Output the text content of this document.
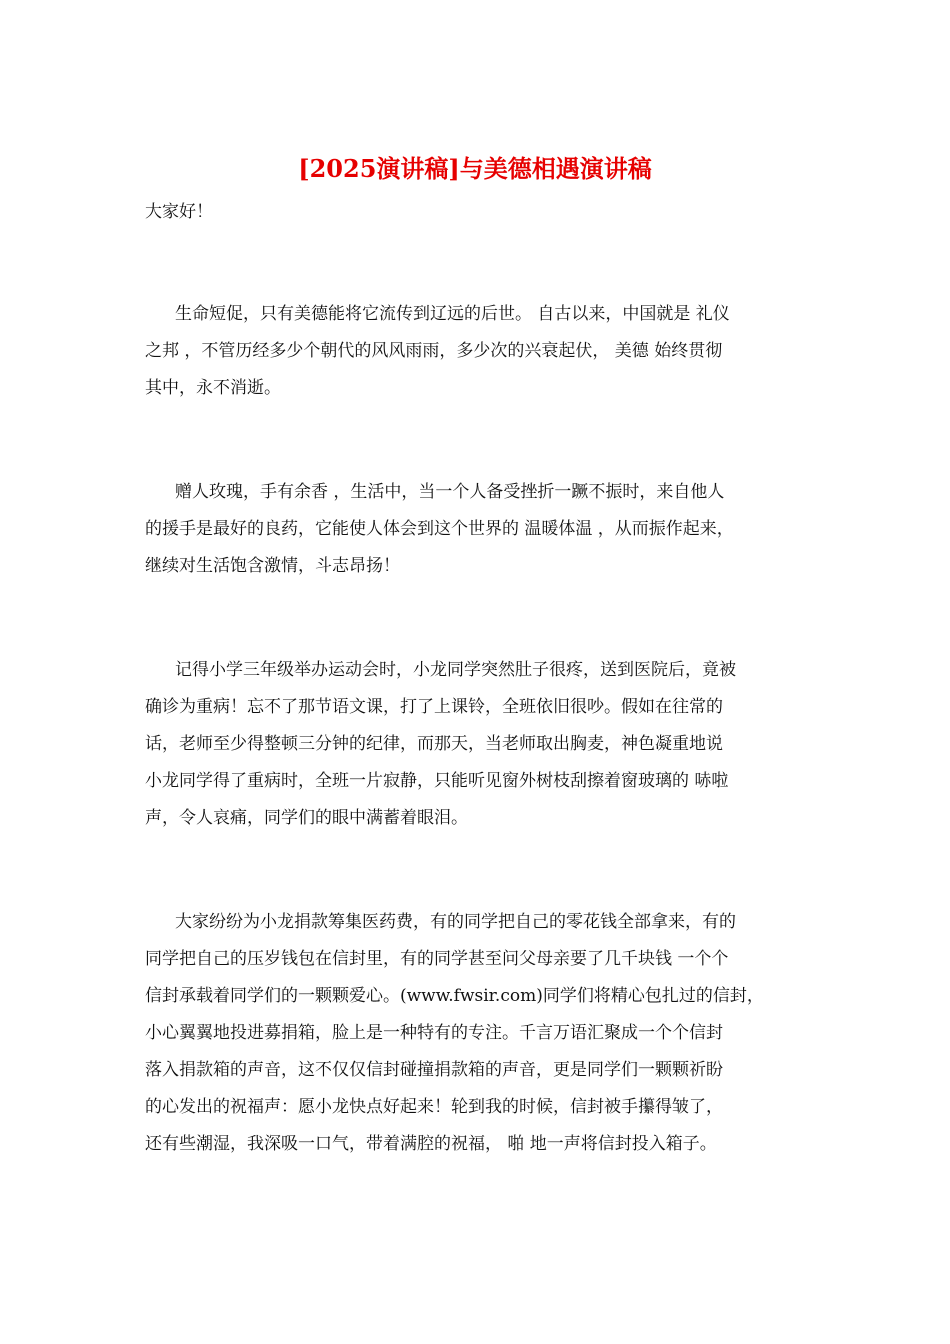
[2025演讲稿]与美德相遇演讲稿

大家好！

生命短促，只有美德能将它流传到辽远的后世。 自古以来，中国就是 礼仪
之邦 ，不管历经多少个朝代的风风雨雨，多少次的兴衰起伏， 美德 始终贯彻
其中，永不消逝。
赠人玫瑰，手有余香 ，生活中，当一个人备受挫折一蹶不振时，来自他人
的援手是最好的良药，它能使人体会到这个世界的 温暖体温 ，从而振作起来，
继续对生活饱含激情，斗志昂扬！
记得小学三年级举办运动会时，小龙同学突然肚子很疼，送到医院后，竟被
确诊为重病！忘不了那节语文课，打了上课铃，全班依旧很吵。假如在往常的
话，老师至少得整顿三分钟的纪律，而那天，当老师取出胸麦，神色凝重地说
小龙同学得了重病时，全班一片寂静，只能听见窗外树枝刮擦着窗玻璃的 哧啦
声，令人哀痛，同学们的眼中满蓄着眼泪。
大家纷纷为小龙捐款筹集医药费，有的同学把自己的零花钱全部拿来，有的
同学把自己的压岁钱包在信封里，有的同学甚至问父母亲要了几千块钱 一个个
信封承载着同学们的一颗颗爱心。(www.fwsir.com)同学们将精心包扎过的信封，
小心翼翼地投进募捐箱，脸上是一种特有的专注。千言万语汇聚成一个个信封
落入捐款箱的声音，这不仅仅信封碰撞捐款箱的声音，更是同学们一颗颗祈盼
的心发出的祝福声：愿小龙快点好起来！轮到我的时候，信封被手攥得皱了，
还有些潮湿，我深吸一口气，带着满腔的祝福， 啪 地一声将信封投入箱子。
